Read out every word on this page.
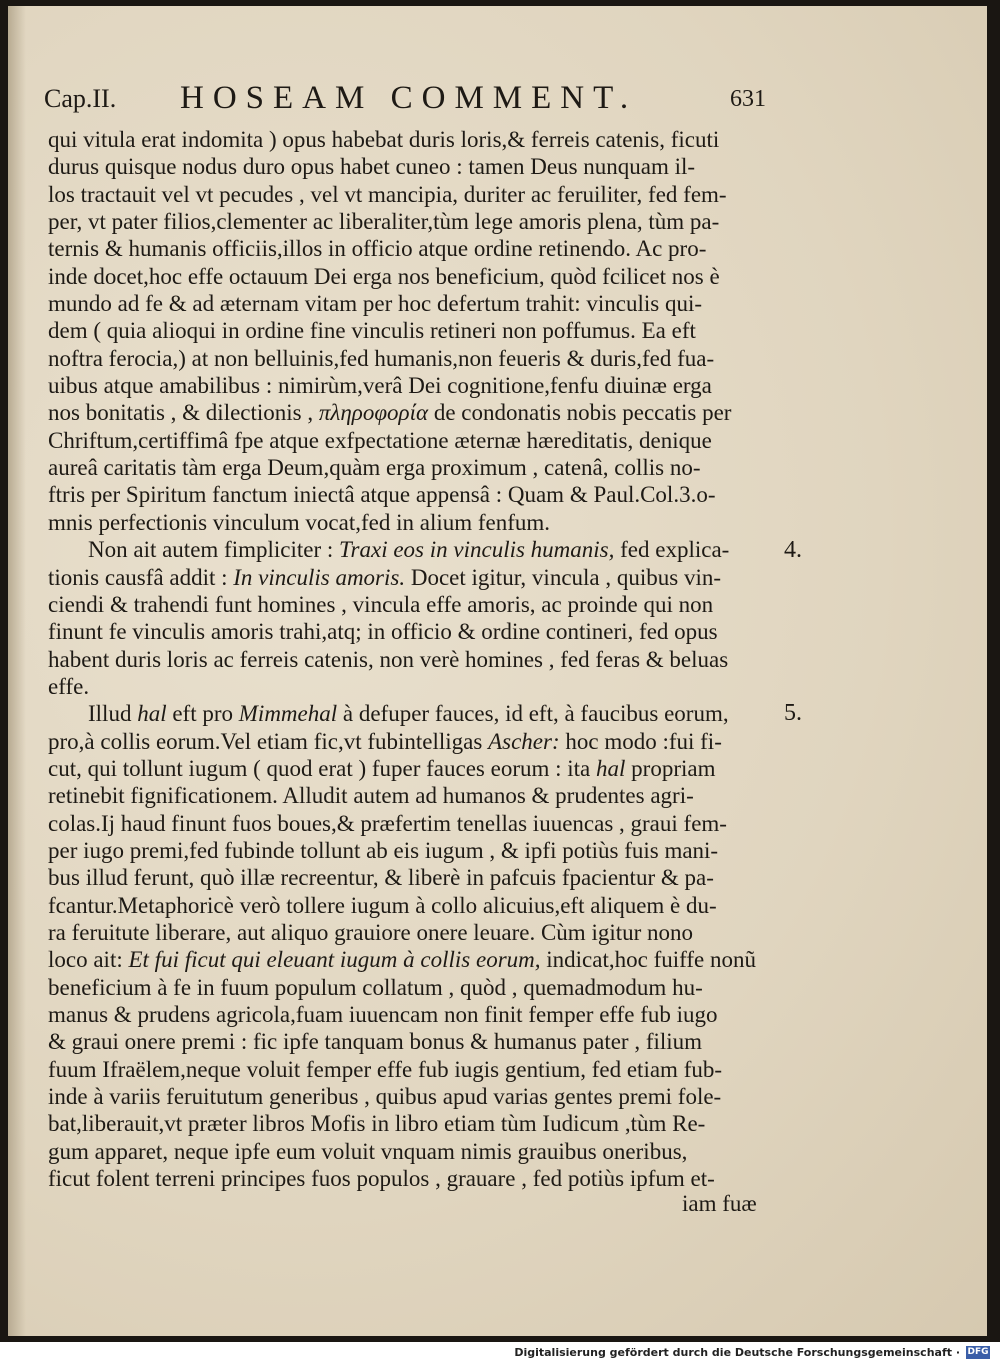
Cap.II. HOSEAM COMMENT.	631
qui vitula erat indomita ) opus habebat duris loris,& ferreis catenis, ficuti
durus quisque nodus duro opus habet cuneo : tamen Deus nunquam il-
los tractauit vel vt pecudes , vel vt mancipia, duriter ac feruiliter, fed fem-
per, vt pater filios,clementer ac liberaliter,tùm lege amoris plena, tùm pa-
ternis & humanis officiis,illos in officio atque ordine retinendo. Ac pro-
inde docet,hoc effe octauum Dei erga nos beneficium, quòd fcilicet nos è
mundo ad fe & ad æternam vitam per hoc defertum trahit: vinculis qui-
dem ( quia alioqui in ordine fine vinculis retineri non poffumus. Ea eft
noftra ferocia,) at non belluinis,fed humanis,non feueris & duris,fed fua-
uibus atque amabilibus : nimirùm,verâ Dei cognitione,fenfu diuinæ erga
nos bonitatis , & dilectionis , πληροφορία de condonatis nobis peccatis per
Chriftum,certiffimâ fpe atque exfpectatione æternæ hæreditatis, denique
aureâ caritatis tàm erga Deum,quàm erga proximum , catenâ, collis no-
ftris per Spiritum fanctum iniectâ atque appensâ : Quam & Paul.Col.3.o-
mnis perfectionis vinculum vocat,fed in alium fenfum.
Non ait autem fimpliciter : Traxi eos in vinculis humanis, fed explica-
tionis causfâ addit : In vinculis amoris. Docet igitur, vincula , quibus vin-
ciendi & trahendi funt homines , vincula effe amoris, ac proinde qui non
finunt fe vinculis amoris trahi,atq; in officio & ordine contineri, fed opus
habent duris loris ac ferreis catenis, non verè homines , fed feras & beluas
effe.
Illud hal eft pro Mimmehal à defuper fauces, id eft, à faucibus eorum,
pro,à collis eorum.Vel etiam fic,vt fubintelligas Ascher: hoc modo :fui fi-
cut, qui tollunt iugum ( quod erat ) fuper fauces eorum : ita hal propriam
retinebit fignificationem. Alludit autem ad humanos & prudentes agri-
colas.Ij haud finunt fuos boues,& præfertim tenellas iuuencas , graui fem-
per iugo premi,fed fubinde tollunt ab eis iugum , & ipfi potiùs fuis mani-
bus illud ferunt, quò illæ recreentur, & liberè in pafcuis fpacientur & pa-
fcantur.Metaphoricè verò tollere iugum à collo alicuius,eft aliquem è du-
ra feruitute liberare, aut aliquo grauiore onere leuare. Cùm igitur nono
loco ait: Et fui ficut qui eleuant iugum à collis eorum, indicat,hoc fuiffe nonũ
beneficium à fe in fuum populum collatum , quòd , quemadmodum hu-
manus & prudens agricola,fuam iuuencam non finit femper effe fub iugo
& graui onere premi : fic ipfe tanquam bonus & humanus pater , filium
fuum Ifraëlem,neque voluit femper effe fub iugis gentium, fed etiam fub-
inde à variis feruitutum generibus , quibus apud varias gentes premi fole-
bat,liberauit,vt præter libros Mofis in libro etiam tùm Iudicum ,tùm Re-
gum apparet, neque ipfe eum voluit vnquam nimis grauibus oneribus,
ficut folent terreni principes fuos populos , grauare , fed potiùs ipfum et-
4.
5.
iam fuæ
Digitalisierung gefördert durch die Deutsche Forschungsgemeinschaft · DFG
